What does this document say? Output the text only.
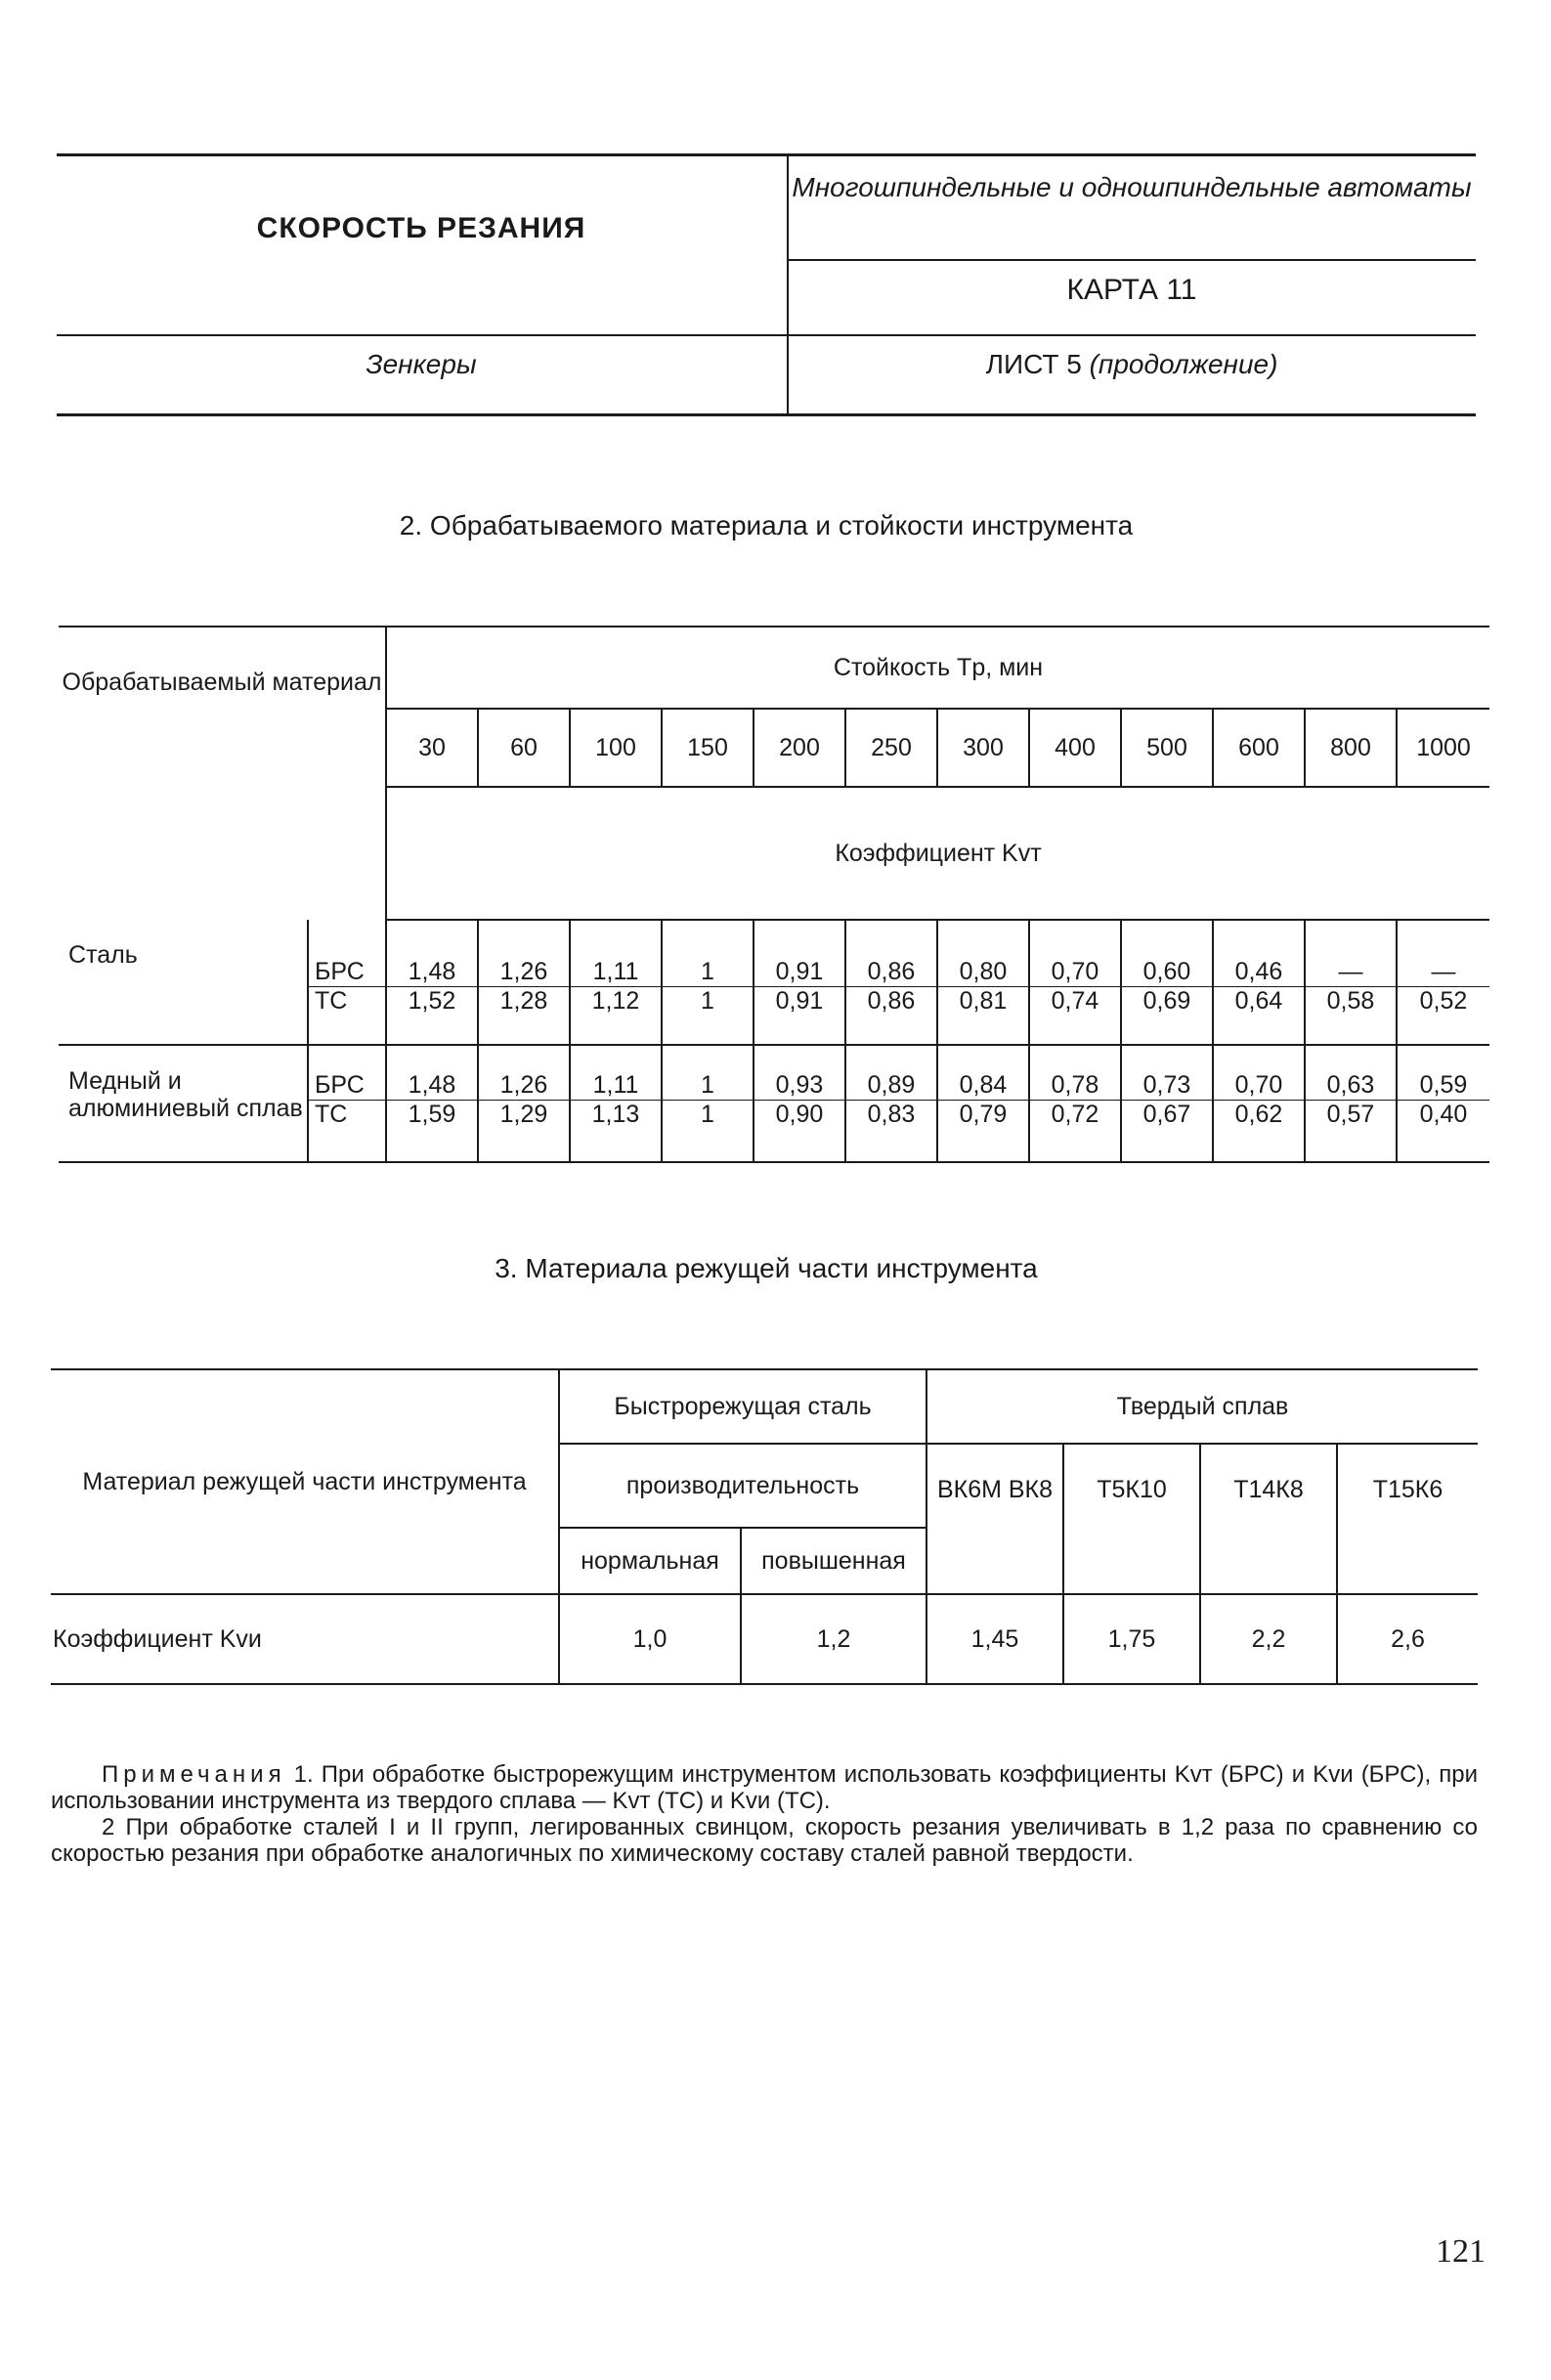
СКОРОСТЬ РЕЗАНИЯ
Зенкеры
Многошпиндельные и одношпиндельные автоматы
КАРТА 11
ЛИСТ 5 (продолжение)
2. Обрабатываемого материала и стойкости инструмента
Обрабатываемый материал		Стойкость Tр, мин											
		30	60	100	150	200	250	300	400	500	600	800	1000
		Коэффициент Kvт											
Сталь	БРС	1,48	1,26	1,11	1	0,91	0,86	0,80	0,70	0,60	0,46	—	—
	ТС	1,52	1,28	1,12	1	0,91	0,86	0,81	0,74	0,69	0,64	0,58	0,52
Медный и алюминиевый сплав	БРС	1,48	1,26	1,11	1	0,93	0,89	0,84	0,78	0,73	0,70	0,63	0,59
	ТС	1,59	1,29	1,13	1	0,90	0,83	0,79	0,72	0,67	0,62	0,57	0,40
3. Материала режущей части инструмента
Материал режущей части инструмента	Быстрорежущая сталь		Твердый сплав			
	производительность		ВК6М ВК8	Т5К10	Т14К8	Т15К6
	нормальная	повышенная				
Коэффициент Kvи	1,0	1,2	1,45	1,75	2,2	2,6

Примечания 1. При обработке быстрорежущим инструментом использовать коэффициенты Kvт (БРС) и Kvи (БРС), при использовании инструмента из твердого сплава — Kvт (ТС) и Kvи (ТС).

2 При обработке сталей I и II групп, легированных свинцом, скорость резания увеличивать в 1,2 раза по сравнению со скоростью резания при обработке аналогичных по химическому составу сталей равной твердости.

121
